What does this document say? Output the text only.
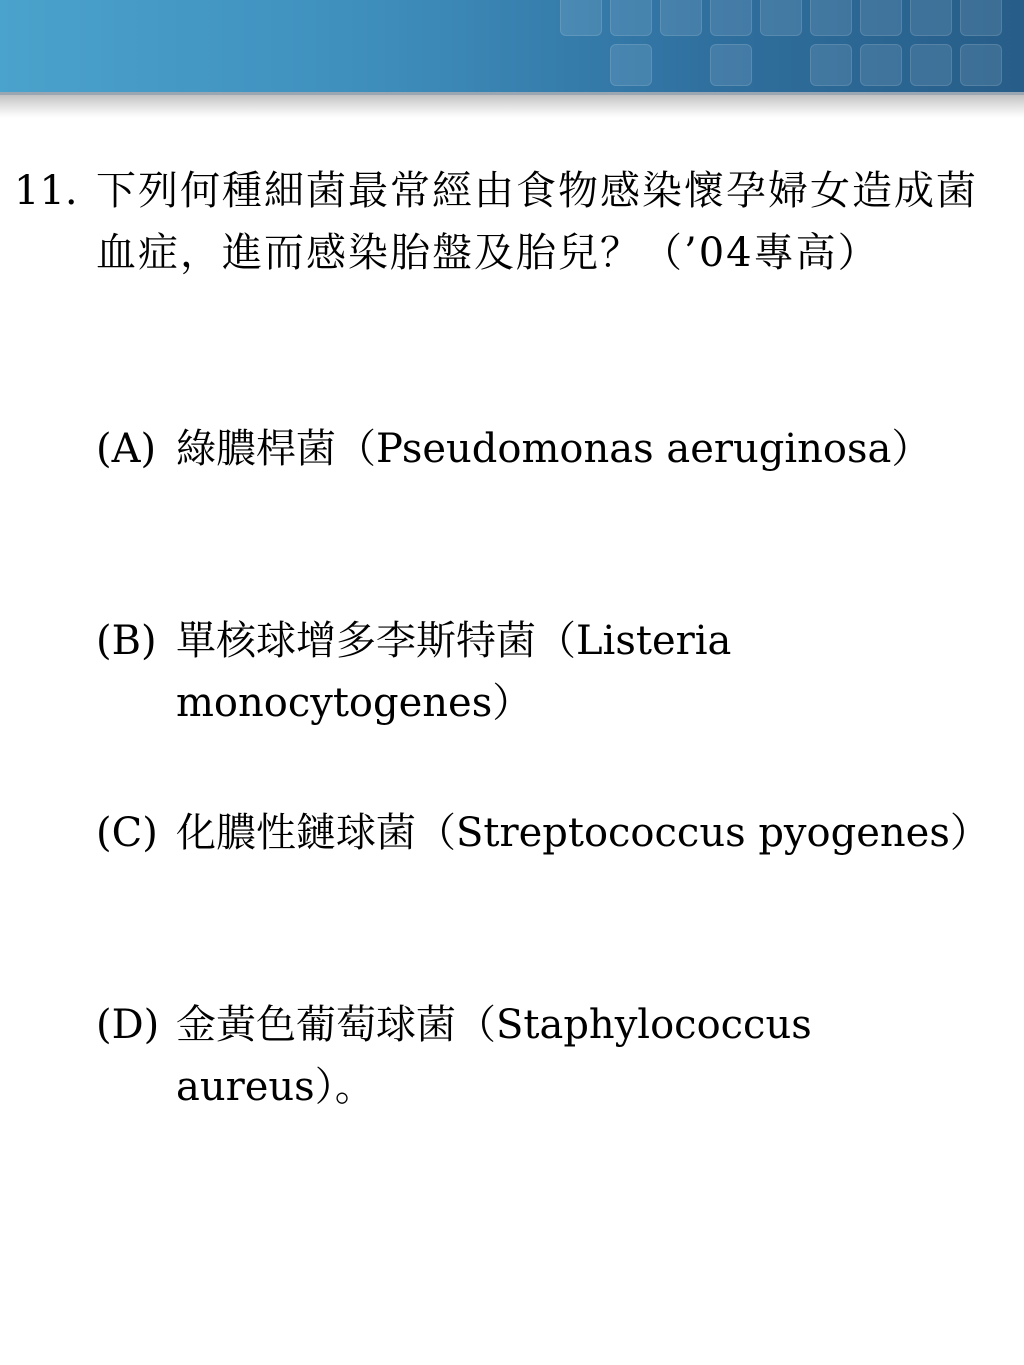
11. 下列何種細菌最常經由食物感染懷孕婦女造成菌血症，進而感染胎盤及胎兒？（’04專高）
(A) 綠膿桿菌（Pseudomonas aeruginosa）
(B) 單核球增多李斯特菌（Listeria monocytogenes）
(C) 化膿性鏈球菌（Streptococcus pyogenes）
(D) 金黃色葡萄球菌（Staphylococcus aureus）。
